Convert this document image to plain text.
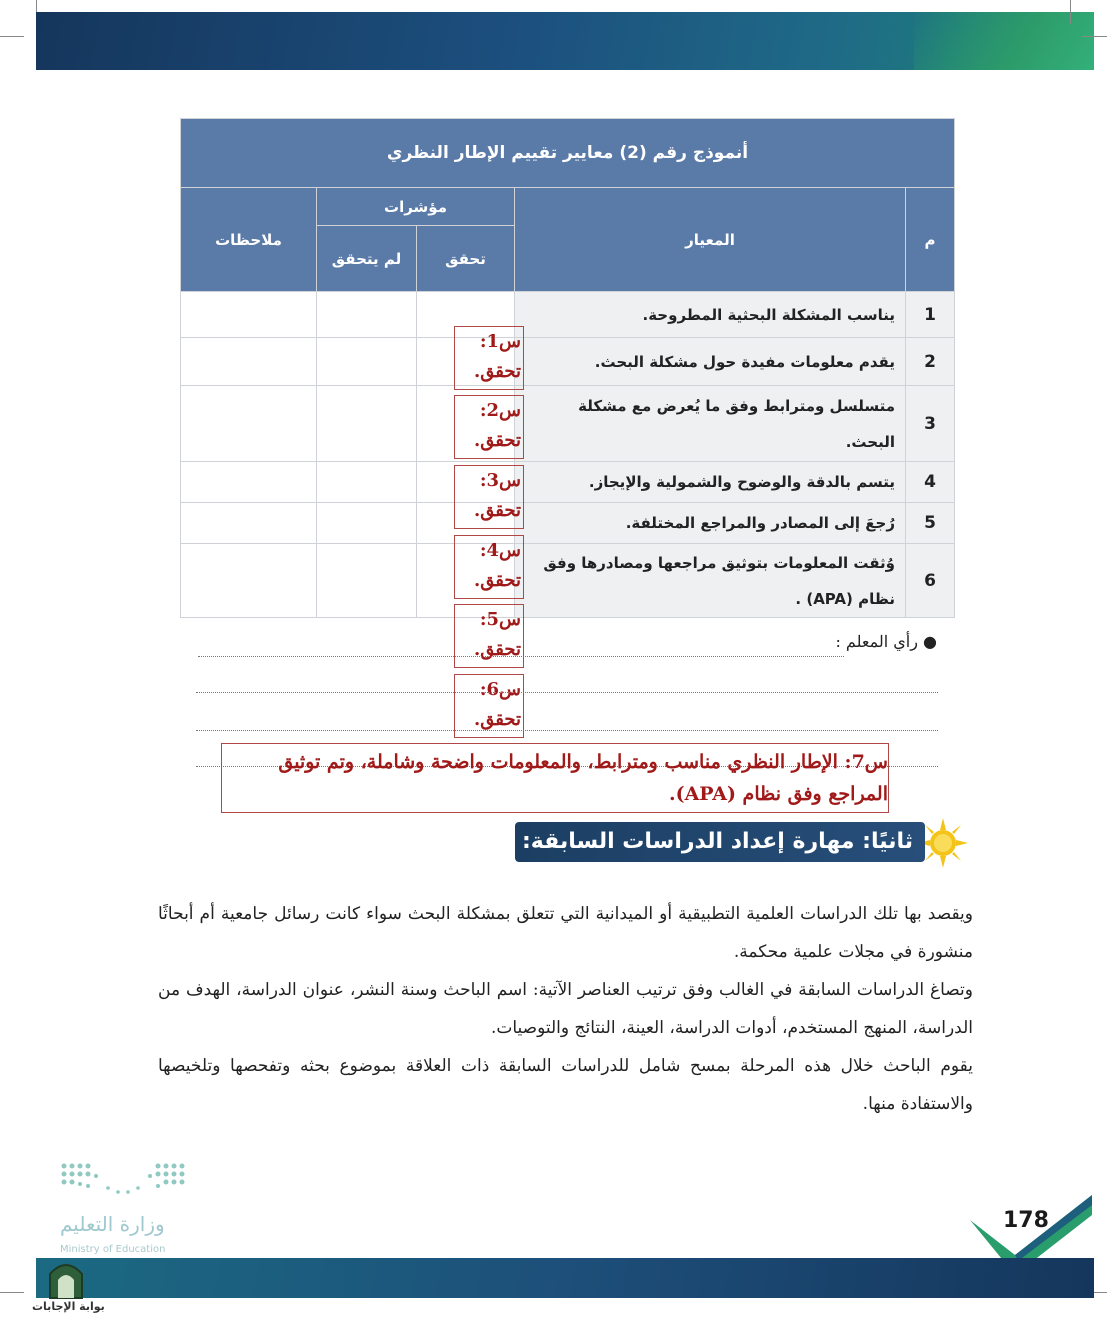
أنموذج رقم (2) معايير تقييم الإطار النظري				
م	المعيار	مؤشرات		ملاحظات
		تحقق	لم يتحقق	
1	يناسب المشكلة البحثية المطروحة.			
2	يقدم معلومات مفيدة حول مشكلة البحث.			
3	متسلسل ومترابط وفق ما يُعرض مع مشكلة البحث.			
4	يتسم بالدقة والوضوح والشمولية والإيجاز.			
5	رُجعَ إلى المصادر والمراجع المختلفة.			
6	وُثقت المعلومات بتوثيق مراجعها ومصادرها وفق نظام (APA) .			
س1:
تحقق.
س2:
تحقق.
س3:
تحقق.
س4:
تحقق.
س5:
تحقق.
س6:
تحقق.
● رأي المعلم :
س7: الإطار النظري مناسب ومترابط، والمعلومات واضحة وشاملة، وتم توثيق المراجع وفق نظام (APA).
ثانيًا: مهارة إعداد الدراسات السابقة:
ويقصد بها تلك الدراسات العلمية التطبيقية أو الميدانية التي تتعلق بمشكلة البحث سواء كانت رسائل جامعية أم أبحاثًا منشورة في مجلات علمية محكمة.
وتصاغ الدراسات السابقة في الغالب وفق ترتيب العناصر الآتية: اسم الباحث وسنة النشر، عنوان الدراسة، الهدف من الدراسة، المنهج المستخدم، أدوات الدراسة، العينة، النتائج والتوصيات.
يقوم الباحث خلال هذه المرحلة بمسح شامل للدراسات السابقة ذات العلاقة بموضوع بحثه وتفحصها وتلخيصها والاستفادة منها.
وزارة التعليم
Ministry of Education
178
بوابة الإجابات
